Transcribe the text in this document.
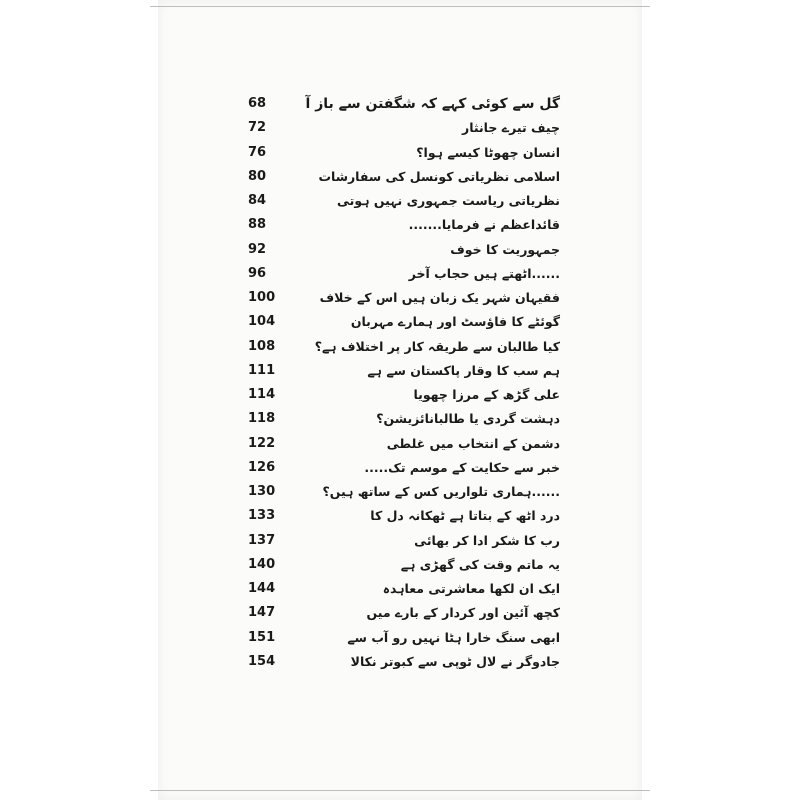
68	گل سے کوئی کہے کہ شگفتن سے باز آ
72	چیف تیرے جانثار
76	انسان چھوٹا کیسے ہوا؟
80	اسلامی نظریاتی کونسل کی سفارشات
84	نظریاتی ریاست جمہوری نہیں ہوتی
88	قائداعظم نے فرمایا.......
92	جمہوریت کا خوف
96	......اٹھتے ہیں حجاب آخر
100	فقیہان شہر یک زبان ہیں اس کے خلاف
104	گوئٹے کا فاؤسٹ اور ہمارے مہربان
108	کیا طالبان سے طریقہ کار پر اختلاف ہے؟
111	ہم سب کا وقار پاکستان سے ہے
114	علی گڑھ کے مرزا چھویا
118	دہشت گردی یا طالبانائزیشن؟
122	دشمن کے انتخاب میں غلطی
126	خبر سے حکایت کے موسم تک.....
130	......ہماری تلواریں کس کے ساتھ ہیں؟
133	درد اٹھ کے بتاتا ہے ٹھکانہ دل کا
137	رب کا شکر ادا کر بھائی
140	یہ ماتم وقت کی گھڑی ہے
144	ایک ان لکھا معاشرتی معاہدہ
147	کچھ آئین اور کردار کے بارے میں
151	ابھی سنگ خارا ہٹا نہیں رو آب سے
154	جادوگر نے لال ٹوپی سے کبوتر نکالا
